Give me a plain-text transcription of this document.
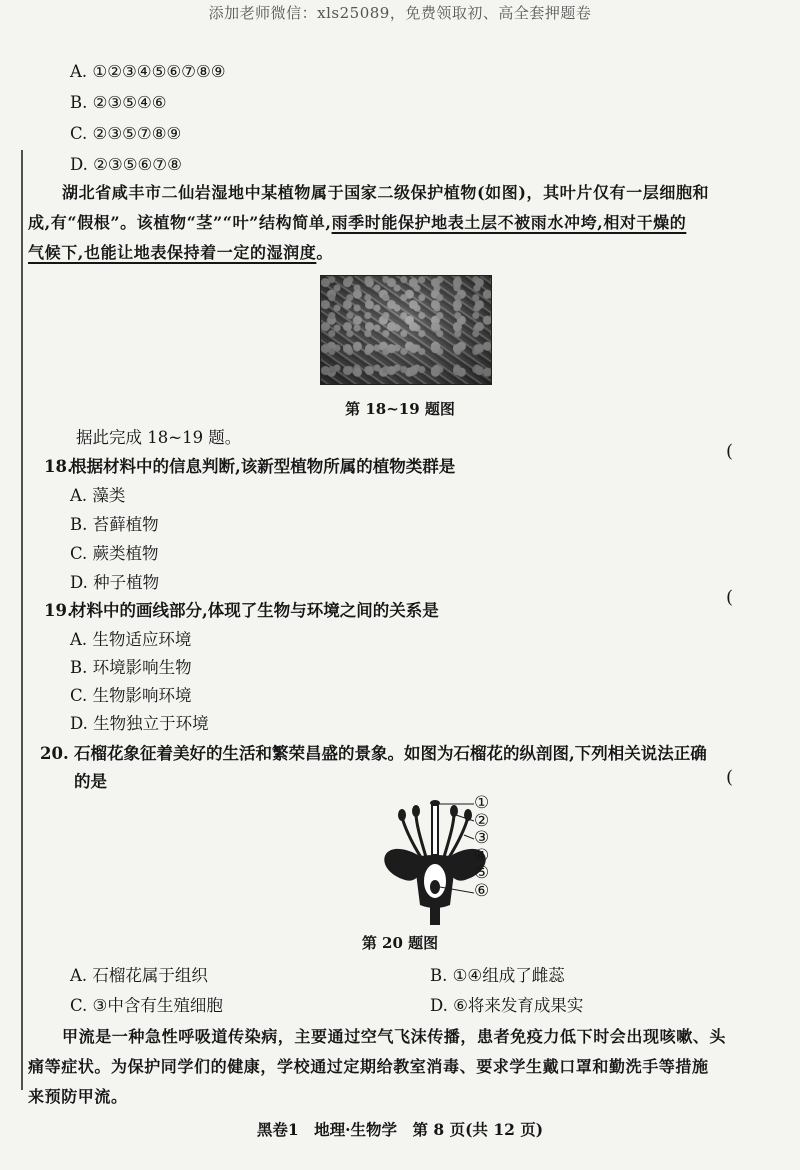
添加老师微信：xls25089，免费领取初、高全套押题卷
A. ①②③④⑤⑥⑦⑧⑨
B. ②③⑤④⑥
C. ②③⑤⑦⑧⑨
D. ②③⑤⑥⑦⑧
湖北省咸丰市二仙岩湿地中某植物属于国家二级保护植物(如图)，其叶片仅有一层细胞和
成,有“假根”。该植物“茎”“叶”结构简单,雨季时能保护地表土层不被雨水冲垮,相对干燥的
气候下,也能让地表保持着一定的湿润度。
第 18~19 题图
据此完成 18~19 题。
18.根据材料中的信息判断,该新型植物所属的植物类群是
(
A. 藻类
B. 苔藓植物
C. 蕨类植物
D. 种子植物
19.材料中的画线部分,体现了生物与环境之间的关系是
(
A. 生物适应环境
B. 环境影响生物
C. 生物影响环境
D. 生物独立于环境
20. 石榴花象征着美好的生活和繁荣昌盛的景象。如图为石榴花的纵剖图,下列相关说法正确
的是	(
①
②
③
④
⑤
⑥
第 20 题图
A. 石榴花属于组织	B. ①④组成了雌蕊
C. ③中含有生殖细胞	D. ⑥将来发育成果实
甲流是一种急性呼吸道传染病，主要通过空气飞沫传播，患者免疫力低下时会出现咳嗽、头
痛等症状。为保护同学们的健康，学校通过定期给教室消毒、要求学生戴口罩和勤洗手等措施
来预防甲流。
黑卷1　地理·生物学　第 8 页(共 12 页)
